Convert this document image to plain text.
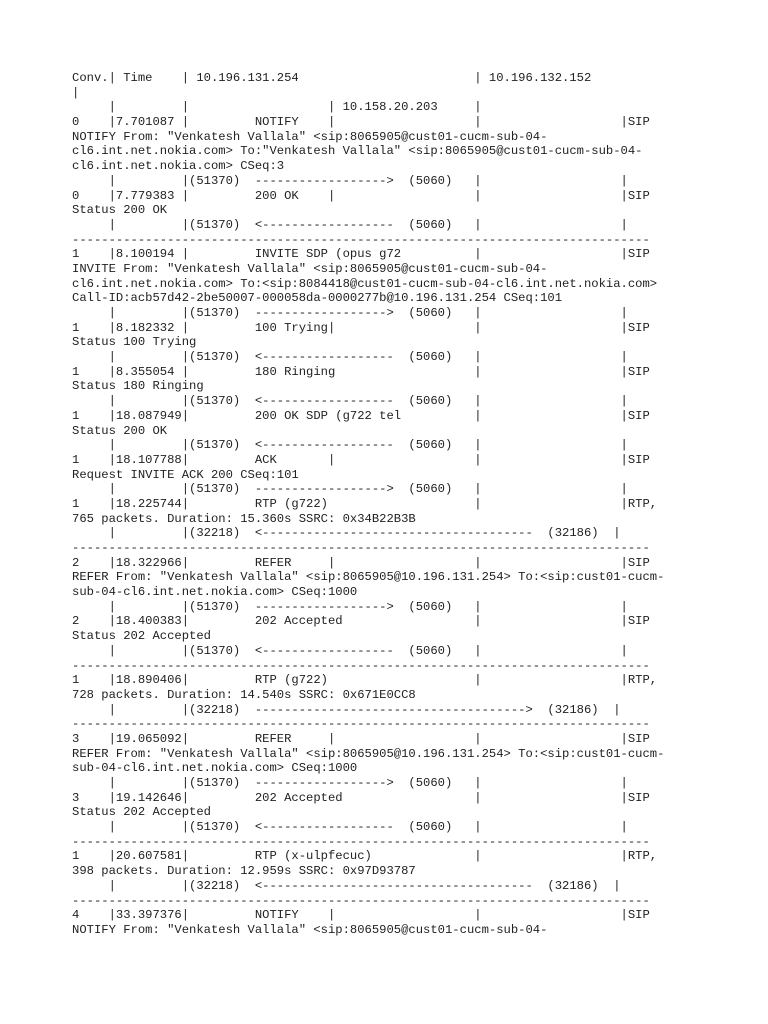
Conv.| Time    | 10.196.131.254                        | 10.196.132.152
|
|         |                   | 10.158.20.203     |
0    |7.701087 |         NOTIFY    |                   |                   |SIP
NOTIFY From: "Venkatesh Vallala" <sip:8065905@cust01-cucm-sub-04-
cl6.int.net.nokia.com> To:"Venkatesh Vallala" <sip:8065905@cust01-cucm-sub-04-
cl6.int.net.nokia.com> CSeq:3
|         |(51370)  ------------------>  (5060)   |                   |
0    |7.779383 |         200 OK    |                   |                   |SIP
Status 200 OK
|         |(51370)  <------------------  (5060)   |                   |
-------------------------------------------------------------------------------
1    |8.100194 |         INVITE SDP (opus g72          |                   |SIP
INVITE From: "Venkatesh Vallala" <sip:8065905@cust01-cucm-sub-04-
cl6.int.net.nokia.com> To:<sip:8084418@cust01-cucm-sub-04-cl6.int.net.nokia.com>
Call-ID:acb57d42-2be50007-000058da-0000277b@10.196.131.254 CSeq:101
|         |(51370)  ------------------>  (5060)   |                   |
1    |8.182332 |         100 Trying|                   |                   |SIP
Status 100 Trying
|         |(51370)  <------------------  (5060)   |                   |
1    |8.355054 |         180 Ringing                   |                   |SIP
Status 180 Ringing
|         |(51370)  <------------------  (5060)   |                   |
1    |18.087949|         200 OK SDP (g722 tel          |                   |SIP
Status 200 OK
|         |(51370)  <------------------  (5060)   |                   |
1    |18.107788|         ACK       |                   |                   |SIP
Request INVITE ACK 200 CSeq:101
|         |(51370)  ------------------>  (5060)   |                   |
1    |18.225744|         RTP (g722)                    |                   |RTP,
765 packets. Duration: 15.360s SSRC: 0x34B22B3B
|         |(32218)  <-------------------------------------  (32186)  |
-------------------------------------------------------------------------------
2    |18.322966|         REFER     |                   |                   |SIP
REFER From: "Venkatesh Vallala" <sip:8065905@10.196.131.254> To:<sip:cust01-cucm-
sub-04-cl6.int.net.nokia.com> CSeq:1000
|         |(51370)  ------------------>  (5060)   |                   |
2    |18.400383|         202 Accepted                  |                   |SIP
Status 202 Accepted
|         |(51370)  <------------------  (5060)   |                   |
-------------------------------------------------------------------------------
1    |18.890406|         RTP (g722)                    |                   |RTP,
728 packets. Duration: 14.540s SSRC: 0x671E0CC8
|         |(32218)  ------------------------------------->  (32186)  |
-------------------------------------------------------------------------------
3    |19.065092|         REFER     |                   |                   |SIP
REFER From: "Venkatesh Vallala" <sip:8065905@10.196.131.254> To:<sip:cust01-cucm-
sub-04-cl6.int.net.nokia.com> CSeq:1000
|         |(51370)  ------------------>  (5060)   |                   |
3    |19.142646|         202 Accepted                  |                   |SIP
Status 202 Accepted
|         |(51370)  <------------------  (5060)   |                   |
-------------------------------------------------------------------------------
1    |20.607581|         RTP (x-ulpfecuc)              |                   |RTP,
398 packets. Duration: 12.959s SSRC: 0x97D93787
|         |(32218)  <-------------------------------------  (32186)  |
-------------------------------------------------------------------------------
4    |33.397376|         NOTIFY    |                   |                   |SIP
NOTIFY From: "Venkatesh Vallala" <sip:8065905@cust01-cucm-sub-04-
